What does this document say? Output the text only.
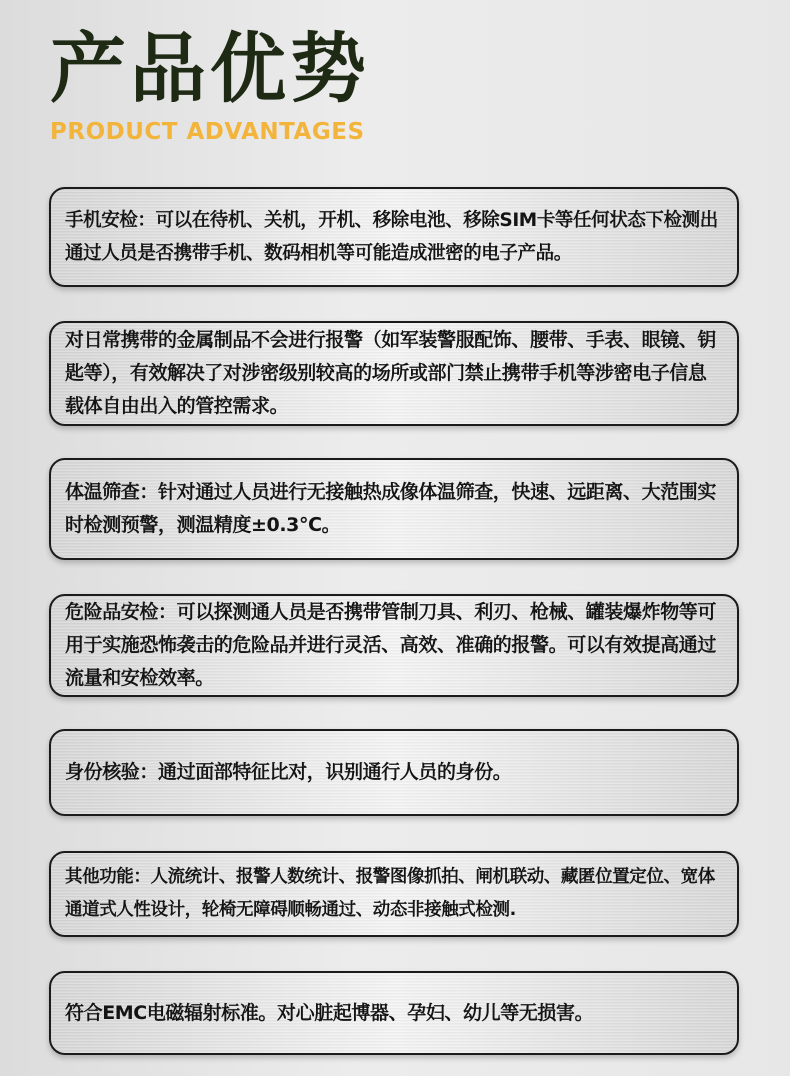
产品优势
PRODUCT ADVANTAGES

手机安检：可以在待机、关机，开机、移除电池、移除SIM卡等任何状态下检测出通过人员是否携带手机、数码相机等可能造成泄密的电子产品。

对日常携带的金属制品不会进行报警（如军装警服配饰、腰带、手表、眼镜、钥匙等），有效解决了对涉密级别较高的场所或部门禁止携带手机等涉密电子信息载体自由出入的管控需求。

体温筛查：针对通过人员进行无接触热成像体温筛查，快速、远距离、大范围实时检测预警，测温精度±0.3℃。

危险品安检：可以探测通人员是否携带管制刀具、利刃、枪械、罐装爆炸物等可用于实施恐怖袭击的危险品并进行灵活、高效、准确的报警。可以有效提高通过流量和安检效率。

身份核验：通过面部特征比对，识别通行人员的身份。

其他功能：人流统计、报警人数统计、报警图像抓拍、闸机联动、藏匿位置定位、宽体通道式人性设计，轮椅无障碍顺畅通过、动态非接触式检测.

符合EMC电磁辐射标准。对心脏起博器、孕妇、幼儿等无损害。
